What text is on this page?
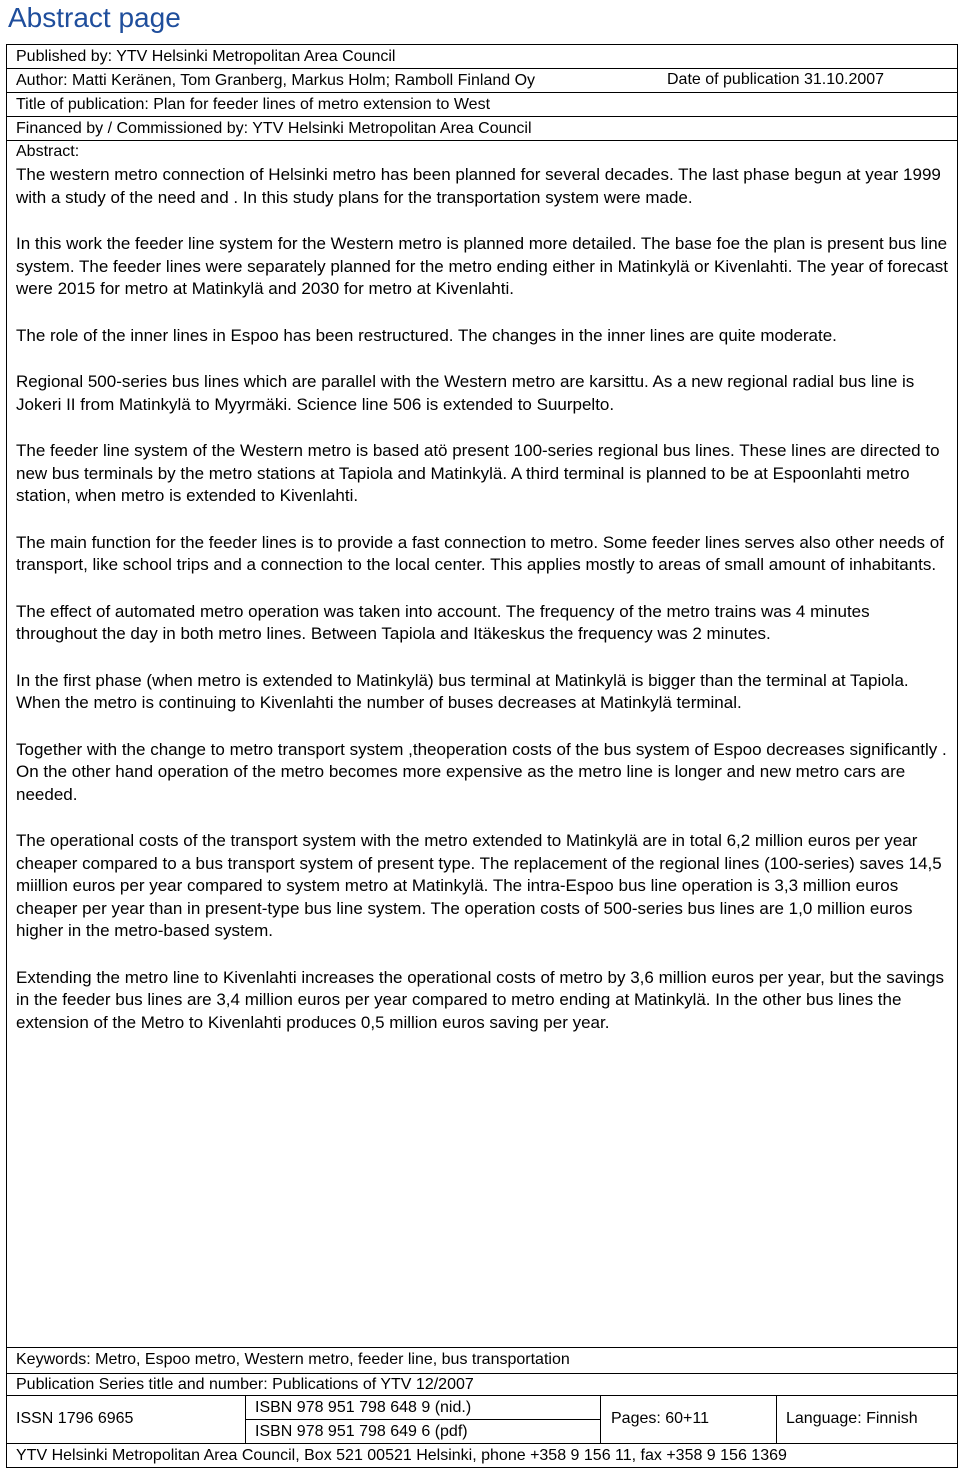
Abstract page
Published by: YTV Helsinki Metropolitan Area Council
Author: Matti Keränen, Tom Granberg, Markus Holm; Ramboll Finland Oy	Date of publication 31.10.2007
Title of publication: Plan for feeder lines of metro extension to West
Financed by / Commissioned by: YTV Helsinki Metropolitan Area Council
Abstract:

The western metro connection of Helsinki metro has been planned for several decades. The last phase begun at year 1999 with a study of the need and . In this study plans for the transportation system were made.

In this work the feeder line system for the Western metro is planned more detailed. The base foe the plan is present bus line system. The feeder lines were separately planned for the metro ending either in Matinkylä or Kivenlahti. The year of forecast were 2015 for metro at Matinkylä and 2030 for metro at Kivenlahti.

The role of the inner lines in Espoo has been restructured. The changes in the inner lines are quite moderate.

Regional 500-series bus lines which are parallel with the Western metro are karsittu. As a new regional radial bus line is Jokeri II from Matinkylä to Myyrmäki. Science line 506 is extended to Suurpelto.

The feeder line system of the Western metro is based atö present 100-series regional bus lines. These lines are directed to new bus terminals by the metro stations at Tapiola and Matinkylä. A third terminal is planned to be at Espoonlahti metro station, when metro is extended to Kivenlahti.

The main function for the feeder lines is to provide a fast connection to metro. Some feeder lines serves also other needs of transport, like school trips and a connection to the local center. This applies mostly to areas of small amount of inhabitants.

The effect of automated metro operation was taken into account. The frequency of the metro trains was 4 minutes throughout the day in both metro lines. Between Tapiola and Itäkeskus the frequency was 2 minutes.

In the first phase (when metro is extended to Matinkylä) bus terminal at Matinkylä is bigger than the terminal at Tapiola. When the metro is continuing to Kivenlahti the number of buses decreases at Matinkylä terminal.

Together with the change to metro transport system ,theoperation costs of the bus system of Espoo decreases significantly . On the other hand operation of the metro becomes more expensive as the metro line is longer and new metro cars are needed.

The operational costs of the transport system with the metro extended to Matinkylä are in total 6,2 million euros per year cheaper compared to a bus transport system of present type. The replacement of the regional lines (100-series) saves 14,5 miillion euros per year compared to system metro at Matinkylä. The intra-Espoo bus line operation is 3,3 million euros cheaper per year than in present-type bus line system. The operation costs of 500-series bus lines are 1,0 million euros higher in the metro-based system.

Extending the metro line to Kivenlahti increases the operational costs of metro by 3,6 million euros per year, but the savings in the feeder bus lines are 3,4 million euros per year compared to metro ending at Matinkylä. In the other bus lines the extension of the Metro to Kivenlahti produces 0,5 million euros saving per year.

Keywords: Metro, Espoo metro, Western metro, feeder line, bus transportation
Publication Series title and number: Publications of YTV 12/2007
ISSN 1796 6965
ISBN 978 951 798 648 9 (nid.)
ISBN 978 951 798 649 6 (pdf)
Pages: 60+11	Language: Finnish
YTV Helsinki Metropolitan Area Council, Box 521 00521 Helsinki, phone +358 9 156 11, fax +358 9 156 1369
